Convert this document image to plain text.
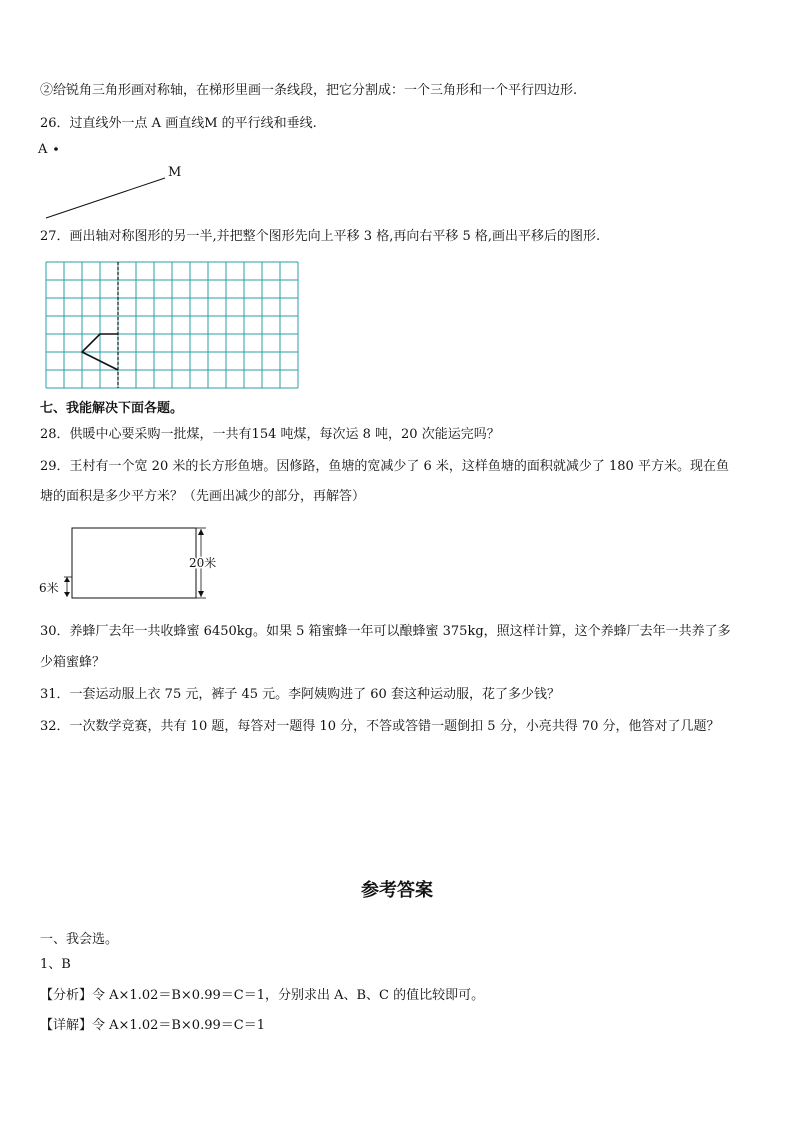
②给锐角三角形画对称轴，在梯形里画一条线段，把它分割成：一个三角形和一个平行四边形.
26．过直线外一点 A 画直线M 的平行线和垂线.
A
M
27．画出轴对称图形的另一半,并把整个图形先向上平移 3 格,再向右平移 5 格,画出平移后的图形.
七、我能解决下面各题。
28．供暖中心要采购一批煤，一共有154 吨煤，每次运 8 吨，20 次能运完吗？
29．王村有一个宽 20 米的长方形鱼塘。因修路，鱼塘的宽减少了 6 米，这样鱼塘的面积就减少了 180 平方米。现在鱼
塘的面积是多少平方米？（先画出减少的部分，再解答）
20米
6米
30．养蜂厂去年一共收蜂蜜 6450kg。如果 5 箱蜜蜂一年可以酿蜂蜜 375kg，照这样计算，这个养蜂厂去年一共养了多
少箱蜜蜂？
31．一套运动服上衣 75 元，裤子 45 元。李阿姨购进了 60 套这种运动服，花了多少钱？
32．一次数学竞赛，共有 10 题，每答对一题得 10 分，不答或答错一题倒扣 5 分，小亮共得 70 分，他答对了几题？
参考答案
一、我会选。
1、B
【分析】令 A×1.02＝B×0.99＝C＝1，分别求出 A、B、C 的值比较即可。
【详解】令 A×1.02＝B×0.99＝C＝1
